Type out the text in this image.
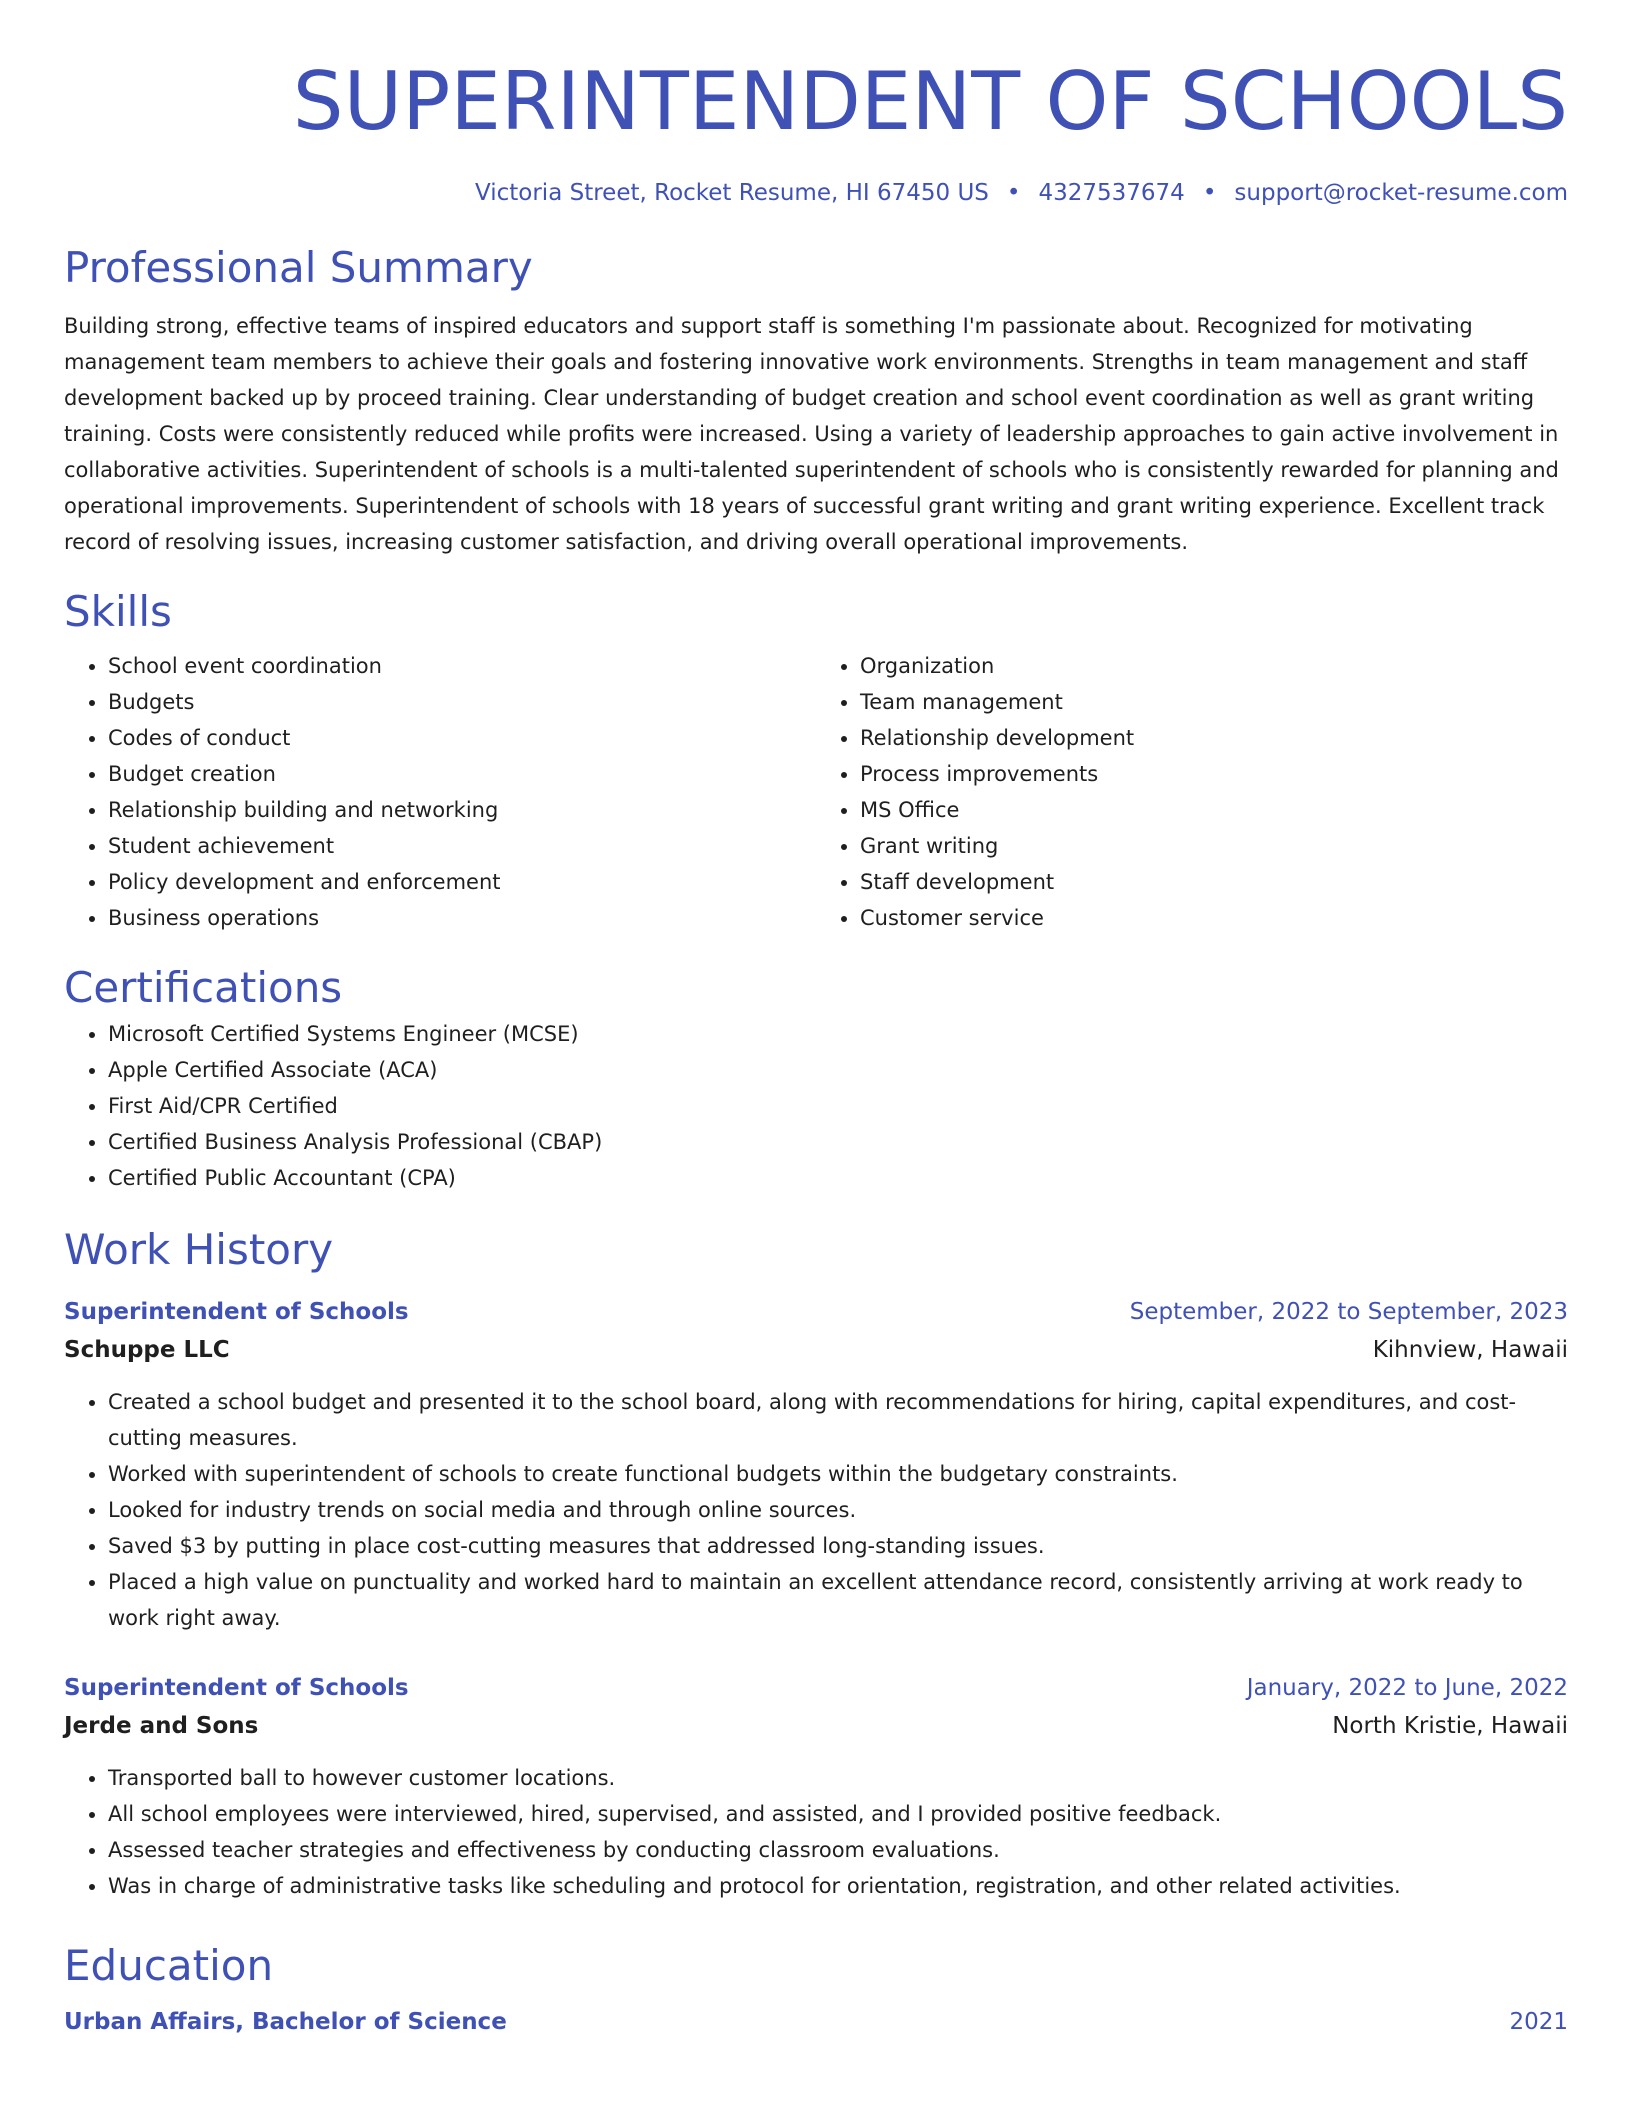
SUPERINTENDENT OF SCHOOLS
Victoria Street, Rocket Resume, HI 67450 US • 4327537674 • support@rocket-resume.com
Professional Summary

Building strong, effective teams of inspired educators and support staff is something I'm passionate about. Recognized for motivating management team members to achieve their goals and fostering innovative work environments. Strengths in team management and staff development backed up by proceed training. Clear understanding of budget creation and school event coordination as well as grant writing training. Costs were consistently reduced while profits were increased. Using a variety of leadership approaches to gain active involvement in collaborative activities. Superintendent of schools is a multi-talented superintendent of schools who is consistently rewarded for planning and operational improvements. Superintendent of schools with 18 years of successful grant writing and grant writing experience. Excellent track record of resolving issues, increasing customer satisfaction, and driving overall operational improvements.

Skills
• School event coordination
• Budgets
• Codes of conduct
• Budget creation
• Relationship building and networking
• Student achievement
• Policy development and enforcement
• Business operations
• Organization
• Team management
• Relationship development
• Process improvements
• MS Office
• Grant writing
• Staff development
• Customer service
Certifications
• Microsoft Certified Systems Engineer (MCSE)
• Apple Certified Associate (ACA)
• First Aid/CPR Certified
• Certified Business Analysis Professional (CBAP)
• Certified Public Accountant (CPA)
Work History
Superintendent of Schools	September, 2022 to September, 2023
Schuppe LLC	Kihnview, Hawaii
• Created a school budget and presented it to the school board, along with recommendations for hiring, capital expenditures, and cost-cutting measures.
• Worked with superintendent of schools to create functional budgets within the budgetary constraints.
• Looked for industry trends on social media and through online sources.
• Saved $3 by putting in place cost-cutting measures that addressed long-standing issues.
• Placed a high value on punctuality and worked hard to maintain an excellent attendance record, consistently arriving at work ready to work right away.
Superintendent of Schools	January, 2022 to June, 2022
Jerde and Sons	North Kristie, Hawaii
• Transported ball to however customer locations.
• All school employees were interviewed, hired, supervised, and assisted, and I provided positive feedback.
• Assessed teacher strategies and effectiveness by conducting classroom evaluations.
• Was in charge of administrative tasks like scheduling and protocol for orientation, registration, and other related activities.
Education
Urban Affairs, Bachelor of Science	2021
